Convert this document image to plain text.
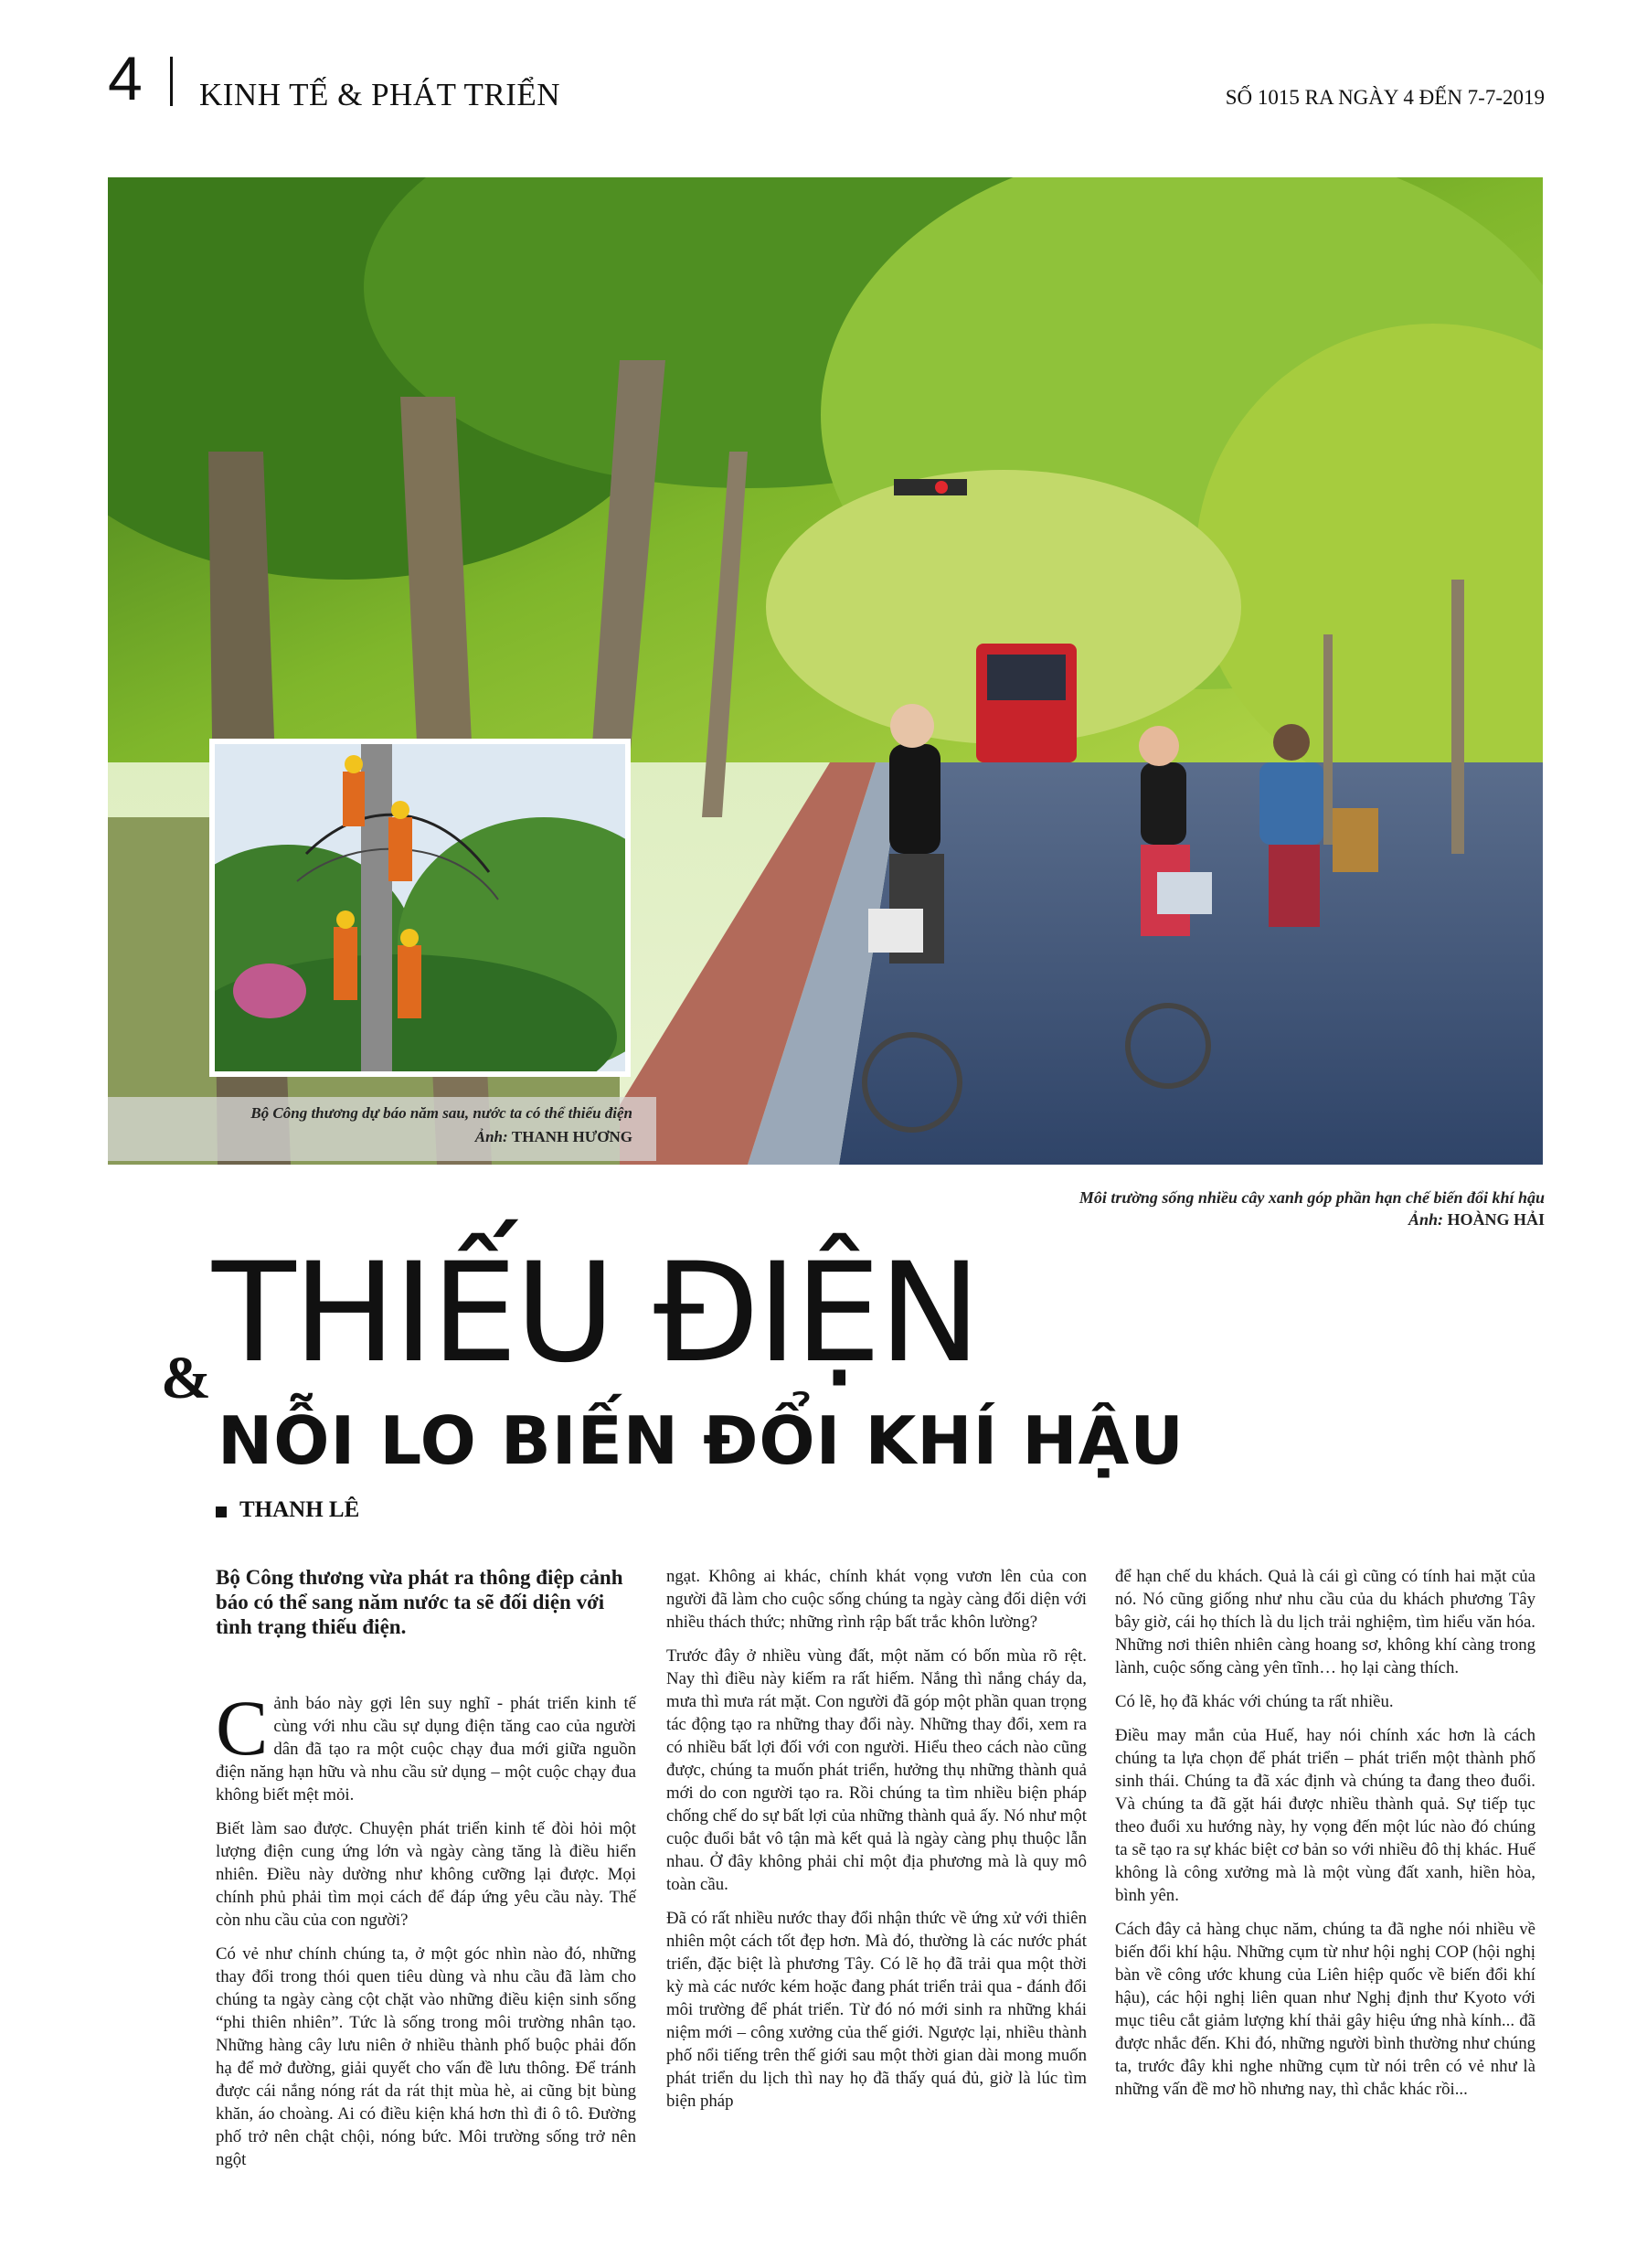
4 KINH TẾ & PHÁT TRIỂN	SỐ 1015 RA NGÀY 4 ĐẾN 7-7-2019
Bộ Công thương dự báo năm sau, nước ta có thể thiếu điện
Ảnh: THANH HƯƠNG
Môi trường sống nhiều cây xanh góp phần hạn chế biến đổi khí hậu
Ảnh: HOÀNG HẢI
THIẾU ĐIỆN
&
NỖI LO BIẾN ĐỔI KHÍ HẬU
THANH LÊ

Bộ Công thương vừa phát ra thông điệp cảnh báo có thể sang năm nước ta sẽ đối diện với tình trạng thiếu điện.

Cảnh báo này gợi lên suy nghĩ - phát triển kinh tế cùng với nhu cầu sự dụng điện tăng cao của người dân đã tạo ra một cuộc chạy đua mới giữa nguồn điện năng hạn hữu và nhu cầu sử dụng – một cuộc chạy đua không biết mệt mỏi.

Biết làm sao được. Chuyện phát triển kinh tế đòi hỏi một lượng điện cung ứng lớn và ngày càng tăng là điều hiển nhiên. Điều này dường như không cưỡng lại được. Mọi chính phủ phải tìm mọi cách để đáp ứng yêu cầu này. Thế còn nhu cầu của con người?

Có vẻ như chính chúng ta, ở một góc nhìn nào đó, những thay đổi trong thói quen tiêu dùng và nhu cầu đã làm cho chúng ta ngày càng cột chặt vào những điều kiện sinh sống “phi thiên nhiên”. Tức là sống trong môi trường nhân tạo. Những hàng cây lưu niên ở nhiều thành phố buộc phải đốn hạ để mở đường, giải quyết cho vấn đề lưu thông. Để tránh được cái nắng nóng rát da rát thịt mùa hè, ai cũng bịt bùng khăn, áo choàng. Ai có điều kiện khá hơn thì đi ô tô. Đường phố trở nên chật chội, nóng bức. Môi trường sống trở nên ngột

ngạt. Không ai khác, chính khát vọng vươn lên của con người đã làm cho cuộc sống chúng ta ngày càng đối diện với nhiều thách thức; những rình rập bất trắc khôn lường?

Trước đây ở nhiều vùng đất, một năm có bốn mùa rõ rệt. Nay thì điều này kiếm ra rất hiếm. Nắng thì nắng cháy da, mưa thì mưa rát mặt. Con người đã góp một phần quan trọng tác động tạo ra những thay đổi này. Những thay đổi, xem ra có nhiều bất lợi đối với con người. Hiểu theo cách nào cũng được, chúng ta muốn phát triển, hưởng thụ những thành quả mới do con người tạo ra. Rồi chúng ta tìm nhiều biện pháp chống chế do sự bất lợi của những thành quả ấy. Nó như một cuộc đuổi bắt vô tận mà kết quả là ngày càng phụ thuộc lẫn nhau. Ở đây không phải chỉ một địa phương mà là quy mô toàn cầu.

Đã có rất nhiều nước thay đổi nhận thức về ứng xử với thiên nhiên một cách tốt đẹp hơn. Mà đó, thường là các nước phát triển, đặc biệt là phương Tây. Có lẽ họ đã trải qua một thời kỳ mà các nước kém hoặc đang phát triển trải qua - đánh đổi môi trường để phát triển. Từ đó nó mới sinh ra những khái niệm mới – công xưởng của thế giới. Ngược lại, nhiều thành phố nổi tiếng trên thế giới sau một thời gian dài mong muốn phát triển du lịch thì nay họ đã thấy quá đủ, giờ là lúc tìm biện pháp

để hạn chế du khách. Quả là cái gì cũng có tính hai mặt của nó. Nó cũng giống như nhu cầu của du khách phương Tây bây giờ, cái họ thích là du lịch trải nghiệm, tìm hiểu văn hóa. Những nơi thiên nhiên càng hoang sơ, không khí càng trong lành, cuộc sống càng yên tĩnh… họ lại càng thích.

Có lẽ, họ đã khác với chúng ta rất nhiều.

Điều may mắn của Huế, hay nói chính xác hơn là cách chúng ta lựa chọn để phát triển – phát triển một thành phố sinh thái. Chúng ta đã xác định và chúng ta đang theo đuổi. Và chúng ta đã gặt hái được nhiều thành quả. Sự tiếp tục theo đuổi xu hướng này, hy vọng đến một lúc nào đó chúng ta sẽ tạo ra sự khác biệt cơ bản so với nhiều đô thị khác. Huế không là công xưởng mà là một vùng đất xanh, hiền hòa, bình yên.

Cách đây cả hàng chục năm, chúng ta đã nghe nói nhiều về biến đổi khí hậu. Những cụm từ như hội nghị COP (hội nghị bàn về công ước khung của Liên hiệp quốc về biến đổi khí hậu), các hội nghị liên quan như Nghị định thư Kyoto với mục tiêu cắt giảm lượng khí thải gây hiệu ứng nhà kính... đã được nhắc đến. Khi đó, những người bình thường như chúng ta, trước đây khi nghe những cụm từ nói trên có vẻ như là những vấn đề mơ hồ nhưng nay, thì chắc khác rồi...
